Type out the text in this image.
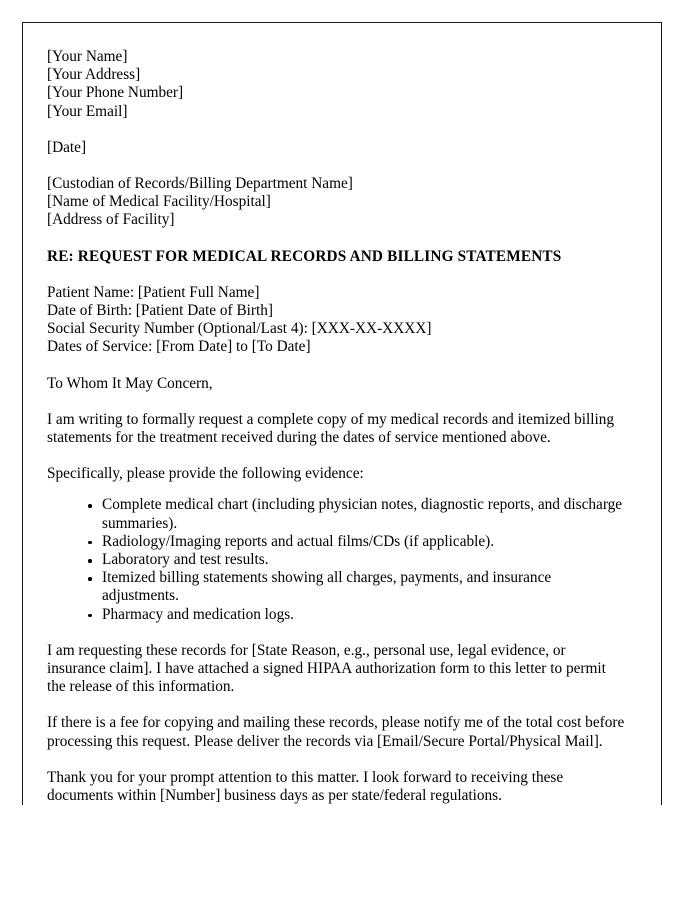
[Your Name]
[Your Address]
[Your Phone Number]
[Your Email]
[Date]
[Custodian of Records/Billing Department Name]
[Name of Medical Facility/Hospital]
[Address of Facility]
RE: REQUEST FOR MEDICAL RECORDS AND BILLING STATEMENTS
Patient Name: [Patient Full Name]
Date of Birth: [Patient Date of Birth]
Social Security Number (Optional/Last 4): [XXX-XX-XXXX]
Dates of Service: [From Date] to [To Date]
To Whom It May Concern,

I am writing to formally request a complete copy of my medical records and itemized billing statements for the treatment received during the dates of service mentioned above.

Specifically, please provide the following evidence:

Complete medical chart (including physician notes, diagnostic reports, and discharge summaries).
Radiology/Imaging reports and actual films/CDs (if applicable).
Laboratory and test results.
Itemized billing statements showing all charges, payments, and insurance adjustments.
Pharmacy and medication logs.

I am requesting these records for [State Reason, e.g., personal use, legal evidence, or insurance claim]. I have attached a signed HIPAA authorization form to this letter to permit the release of this information.

If there is a fee for copying and mailing these records, please notify me of the total cost before processing this request. Please deliver the records via [Email/Secure Portal/Physical Mail].

Thank you for your prompt attention to this matter. I look forward to receiving these documents within [Number] business days as per state/federal regulations.
